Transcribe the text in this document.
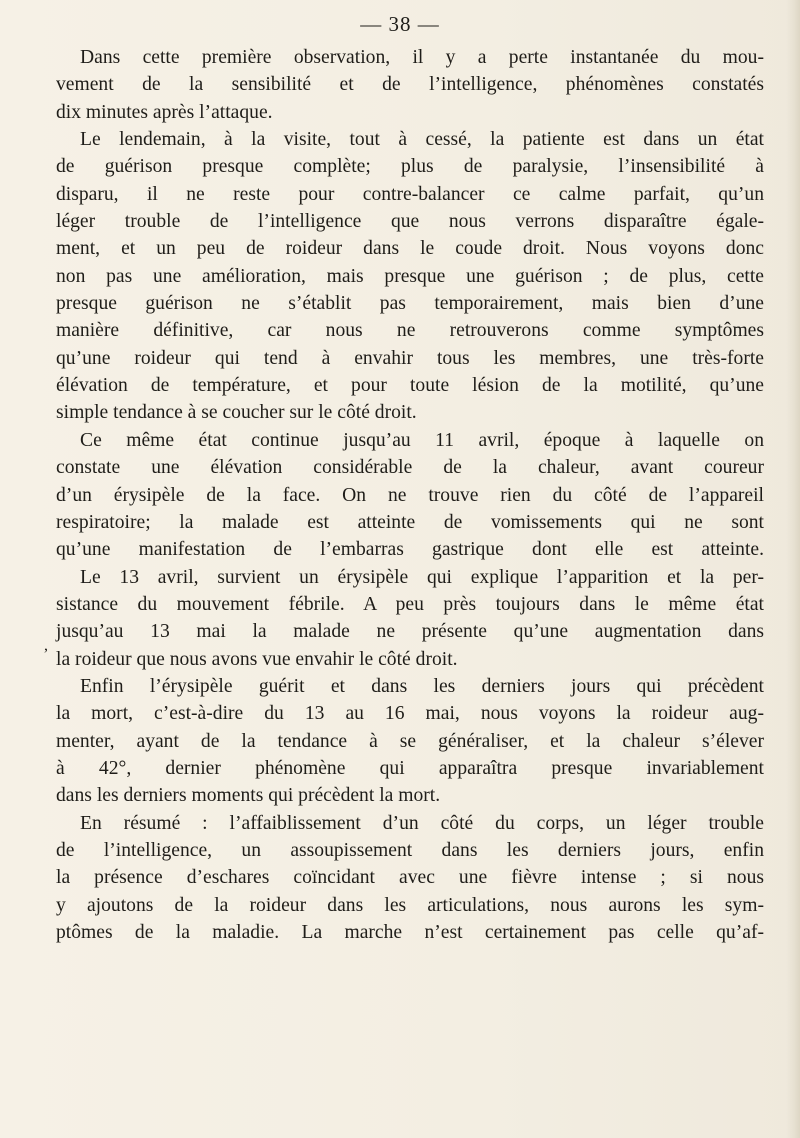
— 38 —
,
Dans cette première observation, il y a perte instantanée du mou-
vement de la sensibilité et de l’intelligence, phénomènes constatés
dix minutes après l’attaque.
Le lendemain, à la visite, tout à cessé, la patiente est dans un état
de guérison presque complète; plus de paralysie, l’insensibilité à
disparu, il ne reste pour contre-balancer ce calme parfait, qu’un
léger trouble de l’intelligence que nous verrons disparaître égale-
ment, et un peu de roideur dans le coude droit. Nous voyons donc
non pas une amélioration, mais presque une guérison ; de plus, cette
presque guérison ne s’établit pas temporairement, mais bien d’une
manière définitive, car nous ne retrouverons comme symptômes
qu’une roideur qui tend à envahir tous les membres, une très-forte
élévation de température, et pour toute lésion de la motilité, qu’une
simple tendance à se coucher sur le côté droit.
Ce même état continue jusqu’au 11 avril, époque à laquelle on
constate une élévation considérable de la chaleur, avant coureur
d’un érysipèle de la face. On ne trouve rien du côté de l’appareil
respiratoire; la malade est atteinte de vomissements qui ne sont
qu’une manifestation de l’embarras gastrique dont elle est atteinte.
Le 13 avril, survient un érysipèle qui explique l’apparition et la per-
sistance du mouvement fébrile. A peu près toujours dans le même état
jusqu’au 13 mai la malade ne présente qu’une augmentation dans
la roideur que nous avons vue envahir le côté droit.
Enfin l’érysipèle guérit et dans les derniers jours qui précèdent
la mort, c’est-à-dire du 13 au 16 mai, nous voyons la roideur aug-
menter, ayant de la tendance à se généraliser, et la chaleur s’élever
à 42°, dernier phénomène qui apparaîtra presque invariablement
dans les derniers moments qui précèdent la mort.
En résumé : l’affaiblissement d’un côté du corps, un léger trouble
de l’intelligence, un assoupissement dans les derniers jours, enfin
la présence d’eschares coïncidant avec une fièvre intense ; si nous
y ajoutons de la roideur dans les articulations, nous aurons les sym-
ptômes de la maladie. La marche n’est certainement pas celle qu’af-
